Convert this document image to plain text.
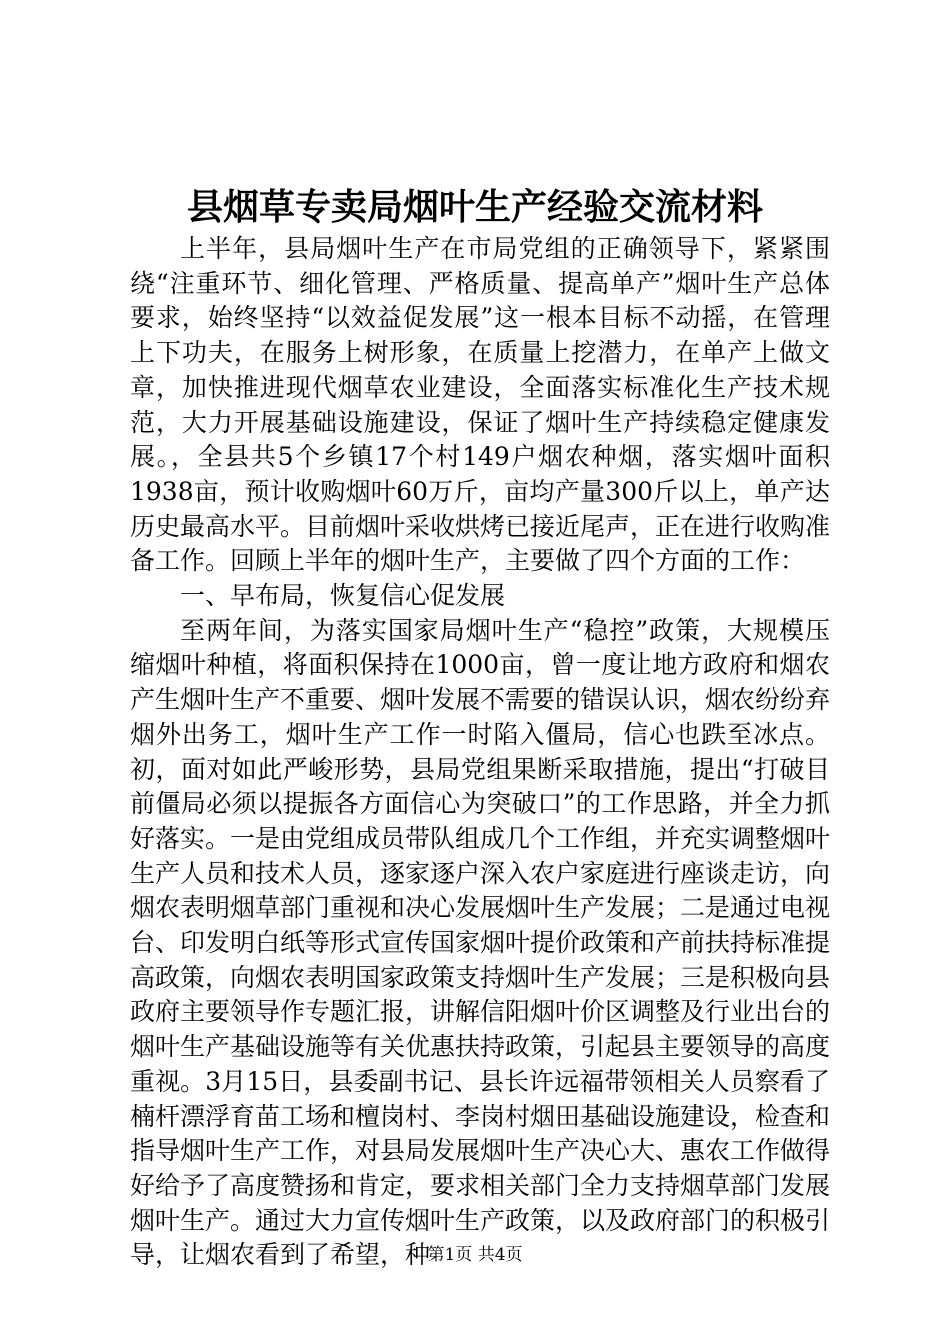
县烟草专卖局烟叶生产经验交流材料

上半年，县局烟叶生产在市局党组的正确领导下，紧紧围绕“注重环节、细化管理、严格质量、提高单产”烟叶生产总体要求，始终坚持“以效益促发展”这一根本目标不动摇，在管理上下功夫，在服务上树形象，在质量上挖潜力，在单产上做文章，加快推进现代烟草农业建设，全面落实标准化生产技术规范，大力开展基础设施建设，保证了烟叶生产持续稳定健康发展。，全县共5个乡镇17个村149户烟农种烟，落实烟叶面积1938亩，预计收购烟叶60万斤，亩均产量300斤以上，单产达历史最高水平。目前烟叶采收烘烤已接近尾声，正在进行收购准备工作。回顾上半年的烟叶生产，主要做了四个方面的工作：

一、早布局，恢复信心促发展

至两年间，为落实国家局烟叶生产“稳控”政策，大规模压缩烟叶种植，将面积保持在1000亩，曾一度让地方政府和烟农产生烟叶生产不重要、烟叶发展不需要的错误认识，烟农纷纷弃烟外出务工，烟叶生产工作一时陷入僵局，信心也跌至冰点。初，面对如此严峻形势，县局党组果断采取措施，提出“打破目前僵局必须以提振各方面信心为突破口”的工作思路，并全力抓好落实。一是由党组成员带队组成几个工作组，并充实调整烟叶生产人员和技术人员，逐家逐户深入农户家庭进行座谈走访，向烟农表明烟草部门重视和决心发展烟叶生产发展；二是通过电视台、印发明白纸等形式宣传国家烟叶提价政策和产前扶持标准提高政策，向烟农表明国家政策支持烟叶生产发展；三是积极向县政府主要领导作专题汇报，讲解信阳烟叶价区调整及行业出台的烟叶生产基础设施等有关优惠扶持政策，引起县主要领导的高度重视。3月15日，县委副书记、县长许远福带领相关人员察看了楠杆漂浮育苗工场和檀岗村、李岗村烟田基础设施建设，检查和指导烟叶生产工作，对县局发展烟叶生产决心大、惠农工作做得好给予了高度赞扬和肯定，要求相关部门全力支持烟草部门发展烟叶生产。通过大力宣传烟叶生产政策，以及政府部门的积极引导，让烟农看到了希望，种

第1页 共4页
